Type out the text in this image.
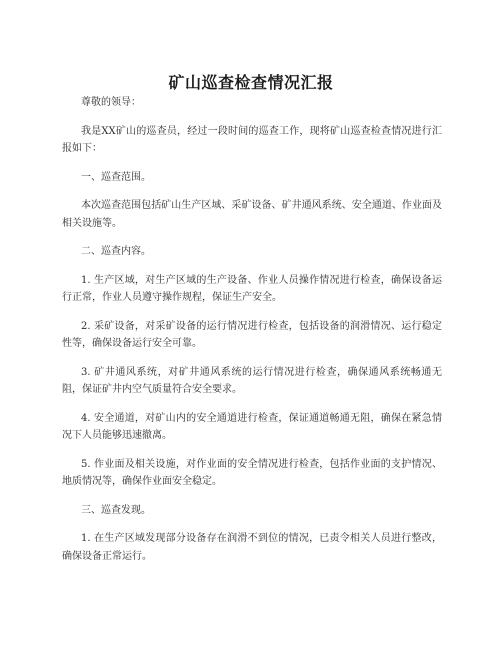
矿山巡查检查情况汇报

尊敬的领导：

我是XX矿山的巡查员，经过一段时间的巡查工作，现将矿山巡查检查情况进行汇报如下：

一、巡查范围。

本次巡查范围包括矿山生产区域、采矿设备、矿井通风系统、安全通道、作业面及相关设施等。

二、巡查内容。

1. 生产区域，对生产区域的生产设备、作业人员操作情况进行检查，确保设备运行正常，作业人员遵守操作规程，保证生产安全。

2. 采矿设备，对采矿设备的运行情况进行检查，包括设备的润滑情况、运行稳定性等，确保设备运行安全可靠。

3. 矿井通风系统，对矿井通风系统的运行情况进行检查，确保通风系统畅通无阻，保证矿井内空气质量符合安全要求。

4. 安全通道，对矿山内的安全通道进行检查，保证通道畅通无阻，确保在紧急情况下人员能够迅速撤离。

5. 作业面及相关设施，对作业面的安全情况进行检查，包括作业面的支护情况、地质情况等，确保作业面安全稳定。

三、巡查发现。

1. 在生产区域发现部分设备存在润滑不到位的情况，已责令相关人员进行整改，确保设备正常运行。
